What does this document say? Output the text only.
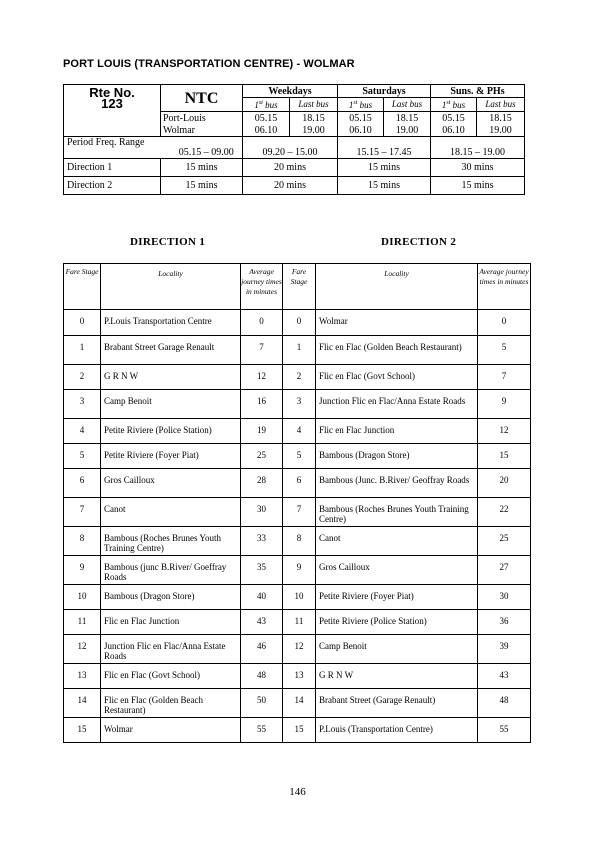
PORT LOUIS (TRANSPORTATION CENTRE) - WOLMAR
Rte No.
123	NTC	Weekdays		Saturdays		Suns. & PHs	
		1st bus	Last bus	1st bus	Last bus	1st bus	Last bus
	Port-Louis	05.15	18.15	05.15	18.15	05.15	18.15
	Wolmar	06.10	19.00	06.10	19.00	06.10	19.00
Period Freq. Range	05.15 – 09.00	09.20 – 15.00		15.15 – 17.45		18.15 – 19.00	
Direction 1	15 mins	20 mins		15 mins		30 mins	
Direction 2	15 mins	20 mins		15 mins		15 mins	
DIRECTION 1	DIRECTION 2
Fare Stage	Locality	Average journey times in minutes	Fare Stage	Locality	Average journey times in minutes
0	P.Louis Transportation Centre	0	0	Wolmar	0
1	Brabant Street Garage Renault	7	1	Flic en Flac (Golden Beach Restaurant)	5
2	G R N W	12	2	Flic en Flac (Govt School)	7
3	Camp Benoit	16	3	Junction Flic en Flac/Anna Estate Roads	9
4	Petite Riviere (Police Station)	19	4	Flic en Flac Junction	12
5	Petite Riviere (Foyer Piat)	25	5	Bambous (Dragon Store)	15
6	Gros Cailloux	28	6	Bambous (Junc. B.River/ Geoffray Roads	20
7	Canot	30	7	Bambous (Roches Brunes Youth Training Centre)	22
8	Bambous (Roches Brunes Youth Training Centre)	33	8	Canot	25
9	Bambous (junc B.River/ Goeffray Roads	35	9	Gros Cailloux	27
10	Bambous (Dragon Store)	40	10	Petite Riviere (Foyer Piat)	30
11	Flic en Flac Junction	43	11	Petite Riviere (Police Station)	36
12	Junction Flic en Flac/Anna Estate Roads	46	12	Camp Benoit	39
13	Flic en Flac (Govt School)	48	13	G R N W	43
14	Flic en Flac (Golden Beach Restaurant)	50	14	Brabant Street (Garage Renault)	48
15	Wolmar	55	15	P.Louis (Transportation Centre)	55
146
